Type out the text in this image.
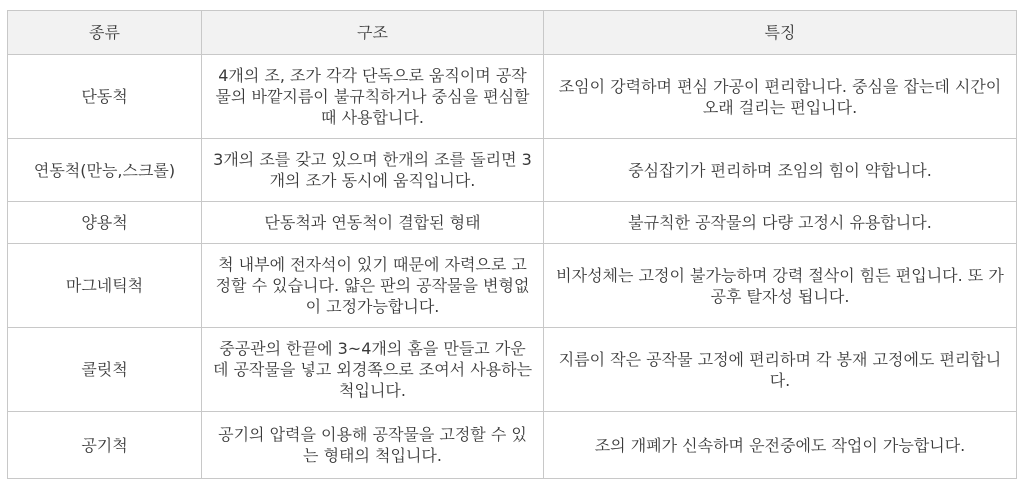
종류	구조	특징
단동척	4개의 조, 조가 각각 단독으로 움직이며 공작물의 바깥지름이 불규칙하거나 중심을 편심할 때 사용합니다.	조임이 강력하며 편심 가공이 편리합니다. 중심을 잡는데 시간이 오래 걸리는 편입니다.
연동척(만능,스크롤)	3개의 조를 갖고 있으며 한개의 조를 돌리면 3개의 조가 동시에 움직입니다.	중심잡기가 편리하며 조임의 힘이 약합니다.
양용척	단동척과 연동척이 결합된 형태	불규칙한 공작물의 다량 고정시 유용합니다.
마그네틱척	척 내부에 전자석이 있기 때문에 자력으로 고정할 수 있습니다. 얇은 판의 공작물을 변형없이 고정가능합니다.	비자성체는 고정이 불가능하며 강력 절삭이 힘든 편입니다. 또 가공후 탈자성 됩니다.
콜릿척	중공관의 한끝에 3~4개의 홈을 만들고 가운데 공작물을 넣고 외경쪽으로 조여서 사용하는 척입니다.	지름이 작은 공작물 고정에 편리하며 각 봉재 고정에도 편리합니다.
공기척	공기의 압력을 이용해 공작물을 고정할 수 있는 형태의 척입니다.	조의 개폐가 신속하며 운전중에도 작업이 가능합니다.
